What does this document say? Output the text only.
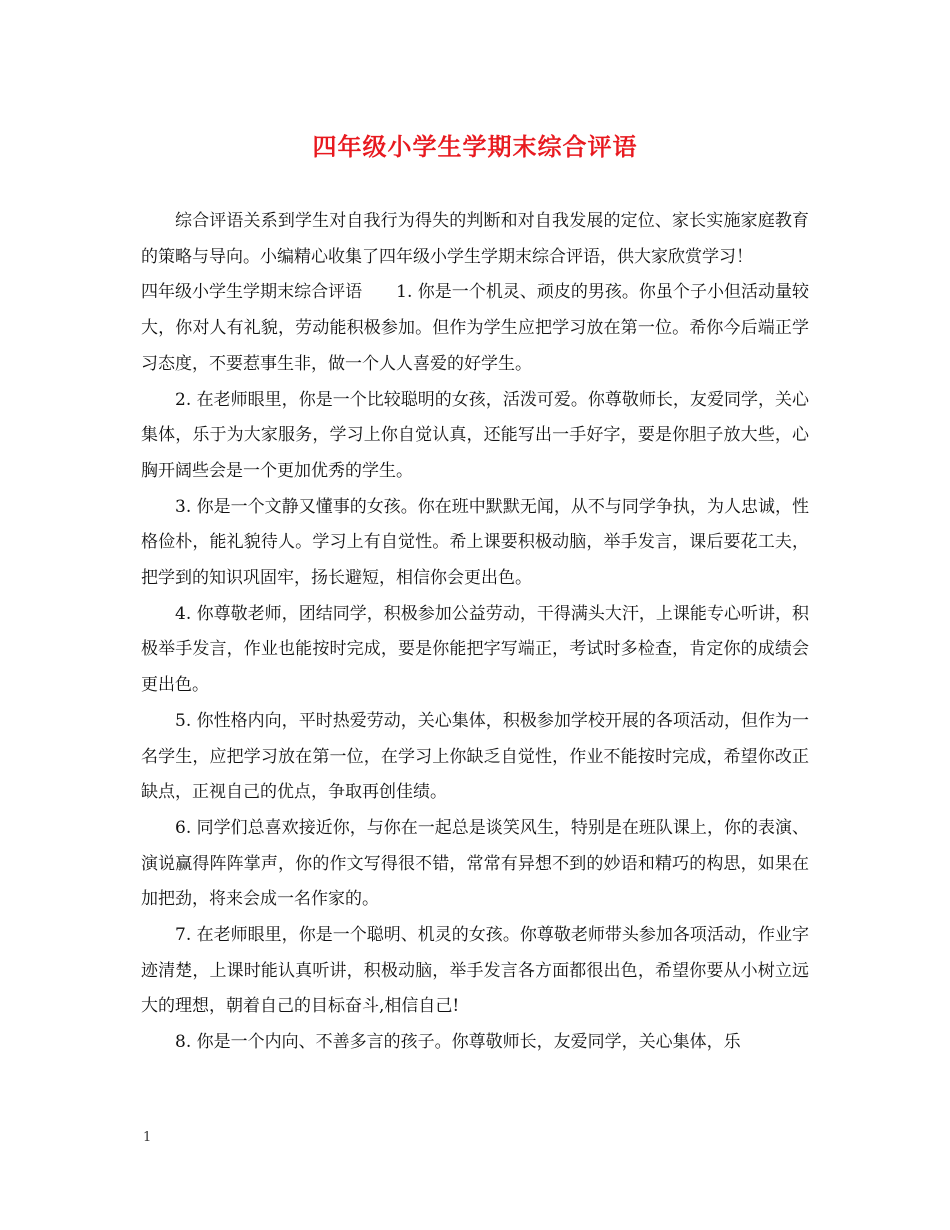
四年级小学生学期末综合评语

综合评语关系到学生对自我行为得失的判断和对自我发展的定位、家长实施家庭教育的策略与导向。小编精心收集了四年级小学生学期末综合评语，供大家欣赏学习！

四年级小学生学期末综合评语　　1. 你是一个机灵、顽皮的男孩。你虽个子小但活动量较大，你对人有礼貌，劳动能积极参加。但作为学生应把学习放在第一位。希你今后端正学习态度，不要惹事生非，做一个人人喜爱的好学生。

2. 在老师眼里，你是一个比较聪明的女孩，活泼可爱。你尊敬师长，友爱同学，关心集体，乐于为大家服务，学习上你自觉认真，还能写出一手好字，要是你胆子放大些，心胸开阔些会是一个更加优秀的学生。

3. 你是一个文静又懂事的女孩。你在班中默默无闻，从不与同学争执，为人忠诚，性格俭朴，能礼貌待人。学习上有自觉性。希上课要积极动脑，举手发言，课后要花工夫，把学到的知识巩固牢，扬长避短，相信你会更出色。

4. 你尊敬老师，团结同学，积极参加公益劳动，干得满头大汗，上课能专心听讲，积极举手发言，作业也能按时完成，要是你能把字写端正，考试时多检查，肯定你的成绩会更出色。

5. 你性格内向，平时热爱劳动，关心集体，积极参加学校开展的各项活动，但作为一名学生，应把学习放在第一位，在学习上你缺乏自觉性，作业不能按时完成，希望你改正缺点，正视自己的优点，争取再创佳绩。

6. 同学们总喜欢接近你，与你在一起总是谈笑风生，特别是在班队课上，你的表演、演说赢得阵阵掌声，你的作文写得很不错，常常有异想不到的妙语和精巧的构思，如果在加把劲，将来会成一名作家的。

7. 在老师眼里，你是一个聪明、机灵的女孩。你尊敬老师带头参加各项活动，作业字迹清楚，上课时能认真听讲，积极动脑，举手发言各方面都很出色，希望你要从小树立远大的理想，朝着自己的目标奋斗,相信自己!

8. 你是一个内向、不善多言的孩子。你尊敬师长，友爱同学，关心集体，乐

1
